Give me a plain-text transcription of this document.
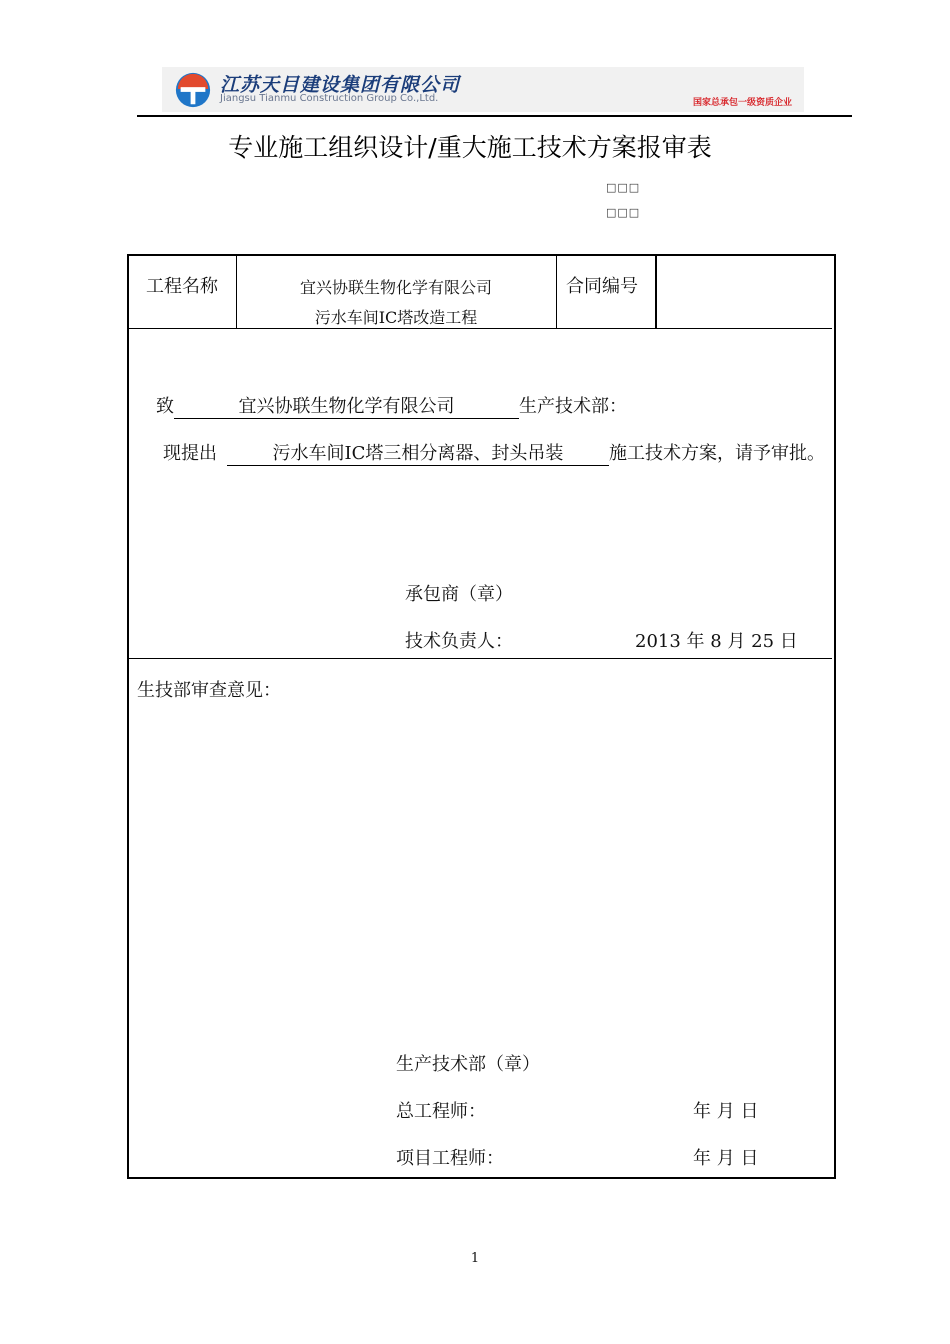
江苏天目建设集团有限公司
Jiangsu Tianmu Construction Group Co.,Ltd.	国家总承包一级资质企业
专业施工组织设计/重大施工技术方案报审表
□□□
□□□
工程名称	宜兴协联生物化学有限公司
污水车间IC塔改造工程
合同编号
致	宜兴协联生物化学有限公司	生产技术部：
现提出	污水车间IC塔三相分离器、封头吊装	施工技术方案，请予审批。
承包商（章）
技术负责人：	2013 年 8 月 25 日
生技部审查意见：
生产技术部（章）
总工程师：	年 月 日
项目工程师：	年 月 日
1
